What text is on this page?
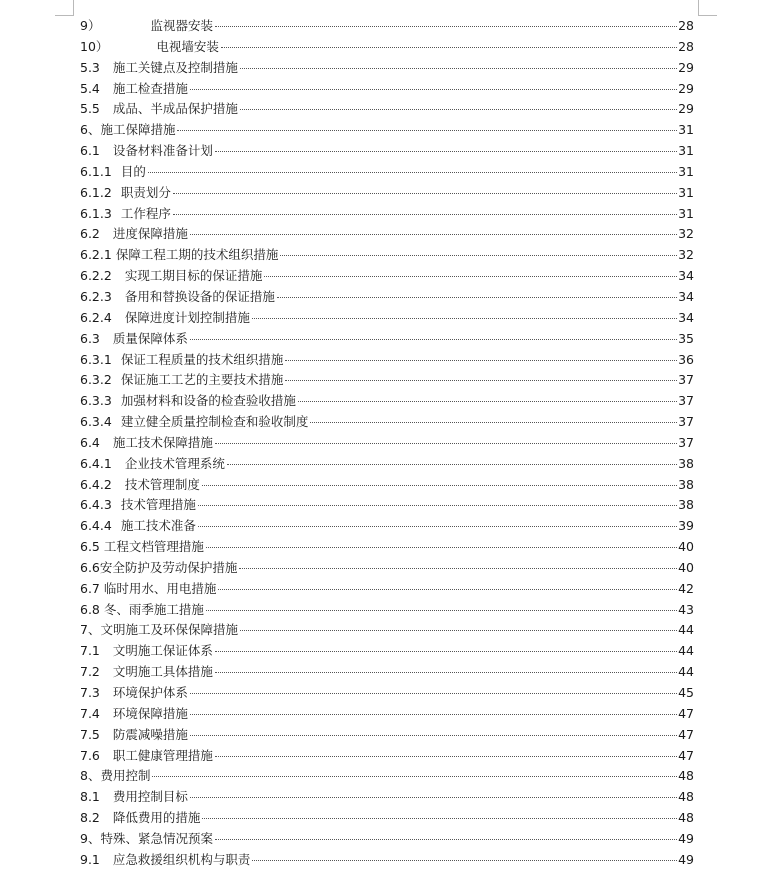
9）	监视器安装	28
10）	电视墙安装	28
5.3 施工关键点及控制措施	29
5.4 施工检查措施	29
5.5 成品、半成品保护措施	29
6、施工保障措施	31
6.1 设备材料准备计划	31
6.1.1 目的	31
6.1.2 职责划分	31
6.1.3 工作程序	31
6.2 进度保障措施	32
6.2.1 保障工程工期的技术组织措施	32
6.2.2 实现工期目标的保证措施	34
6.2.3 备用和替换设备的保证措施	34
6.2.4 保障进度计划控制措施	34
6.3 质量保障体系	35
6.3.1 保证工程质量的技术组织措施	36
6.3.2 保证施工工艺的主要技术措施	37
6.3.3 加强材料和设备的检查验收措施	37
6.3.4 建立健全质量控制检查和验收制度	37
6.4 施工技术保障措施	37
6.4.1 企业技术管理系统	38
6.4.2 技术管理制度	38
6.4.3 技术管理措施	38
6.4.4 施工技术准备	39
6.5 工程文档管理措施	40
6.6安全防护及劳动保护措施	40
6.7 临时用水、用电措施	42
6.8 冬、雨季施工措施	43
7、文明施工及环保保障措施	44
7.1 文明施工保证体系	44
7.2 文明施工具体措施	44
7.3 环境保护体系	45
7.4 环境保障措施	47
7.5 防震减噪措施	47
7.6 职工健康管理措施	47
8、费用控制	48
8.1 费用控制目标	48
8.2 降低费用的措施	48
9、特殊、紧急情况预案	49
9.1 应急救援组织机构与职责	49
